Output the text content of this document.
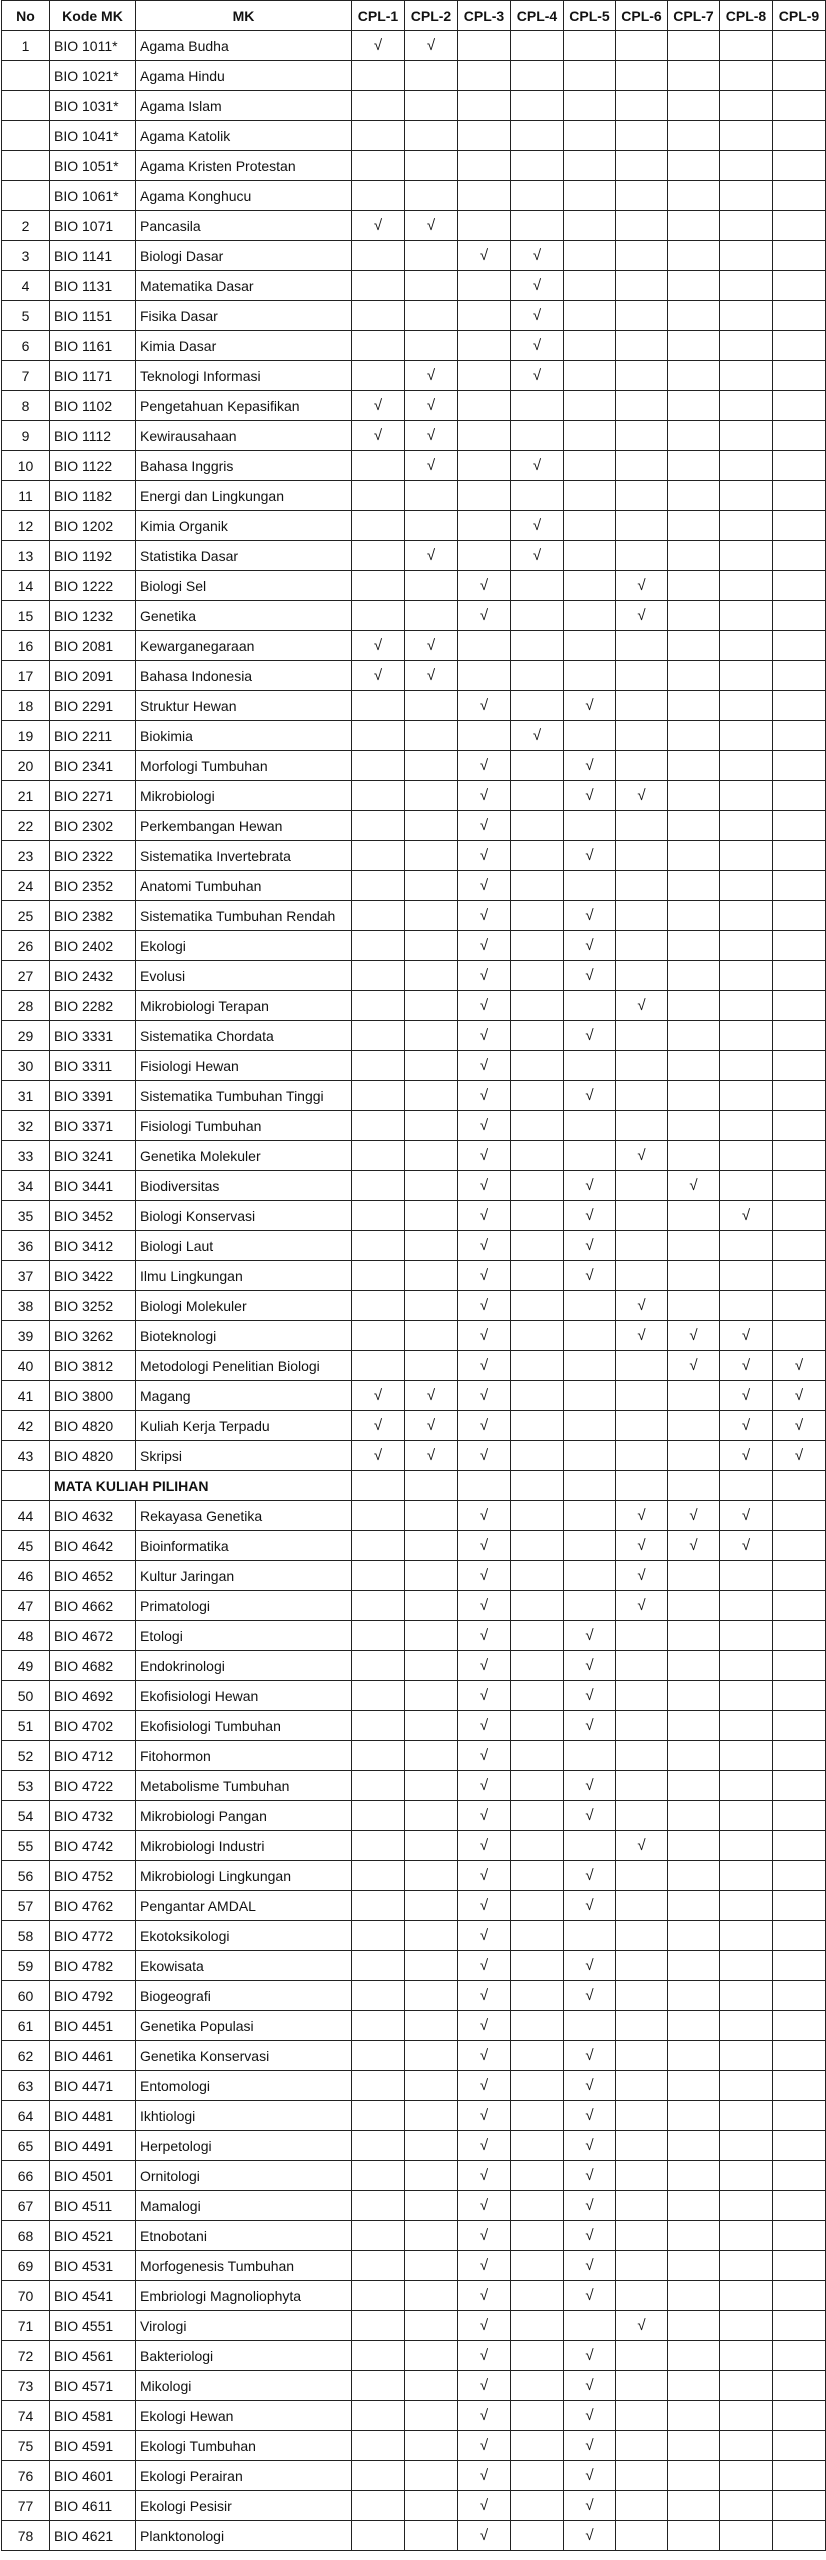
No	Kode MK	MK	CPL-1	CPL-2	CPL-3	CPL-4	CPL-5	CPL-6	CPL-7	CPL-8	CPL-9
1	BIO 1011*	Agama Budha	√	√							
	BIO 1021*	Agama Hindu									
	BIO 1031*	Agama Islam									
	BIO 1041*	Agama Katolik									
	BIO 1051*	Agama Kristen Protestan									
	BIO 1061*	Agama Konghucu									
2	BIO 1071	Pancasila	√	√							
3	BIO 1141	Biologi Dasar			√	√					
4	BIO 1131	Matematika Dasar				√					
5	BIO 1151	Fisika Dasar				√					
6	BIO 1161	Kimia Dasar				√					
7	BIO 1171	Teknologi Informasi		√		√					
8	BIO 1102	Pengetahuan Kepasifikan	√	√							
9	BIO 1112	Kewirausahaan	√	√							
10	BIO 1122	Bahasa Inggris		√		√					
11	BIO 1182	Energi dan Lingkungan									
12	BIO 1202	Kimia Organik				√					
13	BIO 1192	Statistika Dasar		√		√					
14	BIO 1222	Biologi Sel			√			√			
15	BIO 1232	Genetika			√			√			
16	BIO 2081	Kewarganegaraan	√	√							
17	BIO 2091	Bahasa Indonesia	√	√							
18	BIO 2291	Struktur Hewan			√		√				
19	BIO 2211	Biokimia				√					
20	BIO 2341	Morfologi Tumbuhan			√		√				
21	BIO 2271	Mikrobiologi			√		√	√			
22	BIO 2302	Perkembangan Hewan			√						
23	BIO 2322	Sistematika Invertebrata			√		√				
24	BIO 2352	Anatomi Tumbuhan			√						
25	BIO 2382	Sistematika Tumbuhan Rendah			√		√				
26	BIO 2402	Ekologi			√		√				
27	BIO 2432	Evolusi			√		√				
28	BIO 2282	Mikrobiologi Terapan			√			√			
29	BIO 3331	Sistematika Chordata			√		√				
30	BIO 3311	Fisiologi Hewan			√						
31	BIO 3391	Sistematika Tumbuhan Tinggi			√		√				
32	BIO 3371	Fisiologi Tumbuhan			√						
33	BIO 3241	Genetika Molekuler			√			√			
34	BIO 3441	Biodiversitas			√		√		√		
35	BIO 3452	Biologi Konservasi			√		√			√	
36	BIO 3412	Biologi Laut			√		√				
37	BIO 3422	Ilmu Lingkungan			√		√				
38	BIO 3252	Biologi Molekuler			√			√			
39	BIO 3262	Bioteknologi			√			√	√	√	
40	BIO 3812	Metodologi Penelitian Biologi			√				√	√	√
41	BIO 3800	Magang	√	√	√					√	√
42	BIO 4820	Kuliah Kerja Terpadu	√	√	√					√	√
43	BIO 4820	Skripsi	√	√	√					√	√
	MATA KULIAH PILIHAN										
44	BIO 4632	Rekayasa Genetika			√			√	√	√	
45	BIO 4642	Bioinformatika			√			√	√	√	
46	BIO 4652	Kultur Jaringan			√			√			
47	BIO 4662	Primatologi			√			√			
48	BIO 4672	Etologi			√		√				
49	BIO 4682	Endokrinologi			√		√				
50	BIO 4692	Ekofisiologi Hewan			√		√				
51	BIO 4702	Ekofisiologi Tumbuhan			√		√				
52	BIO 4712	Fitohormon			√						
53	BIO 4722	Metabolisme Tumbuhan			√		√				
54	BIO 4732	Mikrobiologi Pangan			√		√				
55	BIO 4742	Mikrobiologi Industri			√			√			
56	BIO 4752	Mikrobiologi Lingkungan			√		√				
57	BIO 4762	Pengantar AMDAL			√		√				
58	BIO 4772	Ekotoksikologi			√						
59	BIO 4782	Ekowisata			√		√				
60	BIO 4792	Biogeografi			√		√				
61	BIO 4451	Genetika Populasi			√						
62	BIO 4461	Genetika Konservasi			√		√				
63	BIO 4471	Entomologi			√		√				
64	BIO 4481	Ikhtiologi			√		√				
65	BIO 4491	Herpetologi			√		√				
66	BIO 4501	Ornitologi			√		√				
67	BIO 4511	Mamalogi			√		√				
68	BIO 4521	Etnobotani			√		√				
69	BIO 4531	Morfogenesis Tumbuhan			√		√				
70	BIO 4541	Embriologi Magnoliophyta			√		√				
71	BIO 4551	Virologi			√			√			
72	BIO 4561	Bakteriologi			√		√				
73	BIO 4571	Mikologi			√		√				
74	BIO 4581	Ekologi Hewan			√		√				
75	BIO 4591	Ekologi Tumbuhan			√		√				
76	BIO 4601	Ekologi Perairan			√		√				
77	BIO 4611	Ekologi Pesisir			√		√				
78	BIO 4621	Planktonologi			√		√				
